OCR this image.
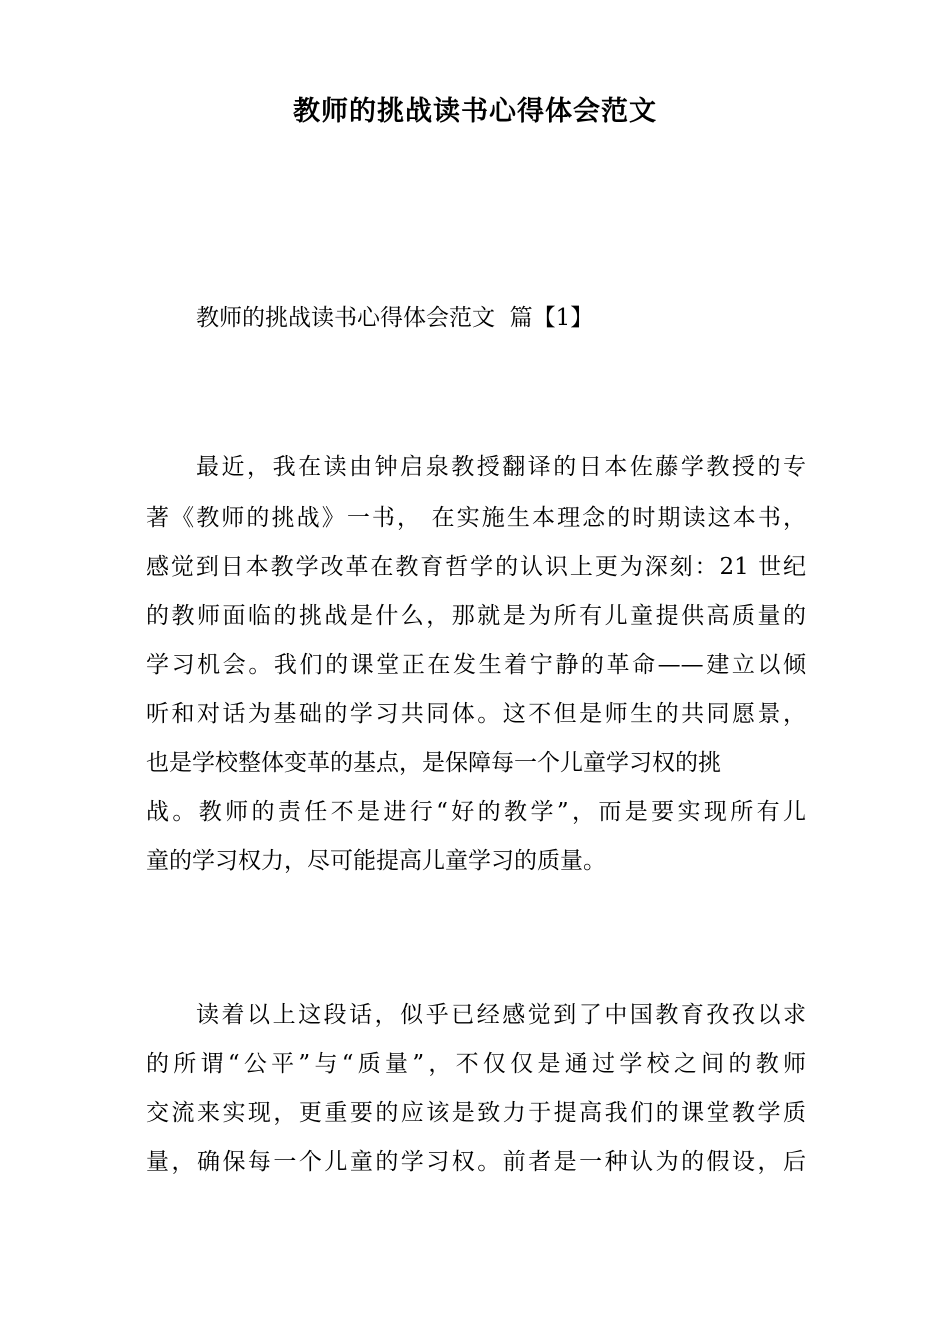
教师的挑战读书心得体会范文

教师的挑战读书心得体会范文  篇【1】

最近，我在读由钟启泉教授翻译的日本佐藤学教授的专

著《教师的挑战》一书， 在实施生本理念的时期读这本书，

感觉到日本教学改革在教育哲学的认识上更为深刻：21 世纪

的教师面临的挑战是什么，那就是为所有儿童提供高质量的

学习机会。我们的课堂正在发生着宁静的革命——建立以倾

听和对话为基础的学习共同体。这不但是师生的共同愿景，

也是学校整体变革的基点，是保障每一个儿童学习权的挑

战。教师的责任不是进行“好的教学”，而是要实现所有儿

童的学习权力，尽可能提高儿童学习的质量。

读着以上这段话，似乎已经感觉到了中国教育孜孜以求

的所谓“公平”与“质量”，不仅仅是通过学校之间的教师

交流来实现，更重要的应该是致力于提高我们的课堂教学质

量，确保每一个儿童的学习权。前者是一种认为的假设，后
